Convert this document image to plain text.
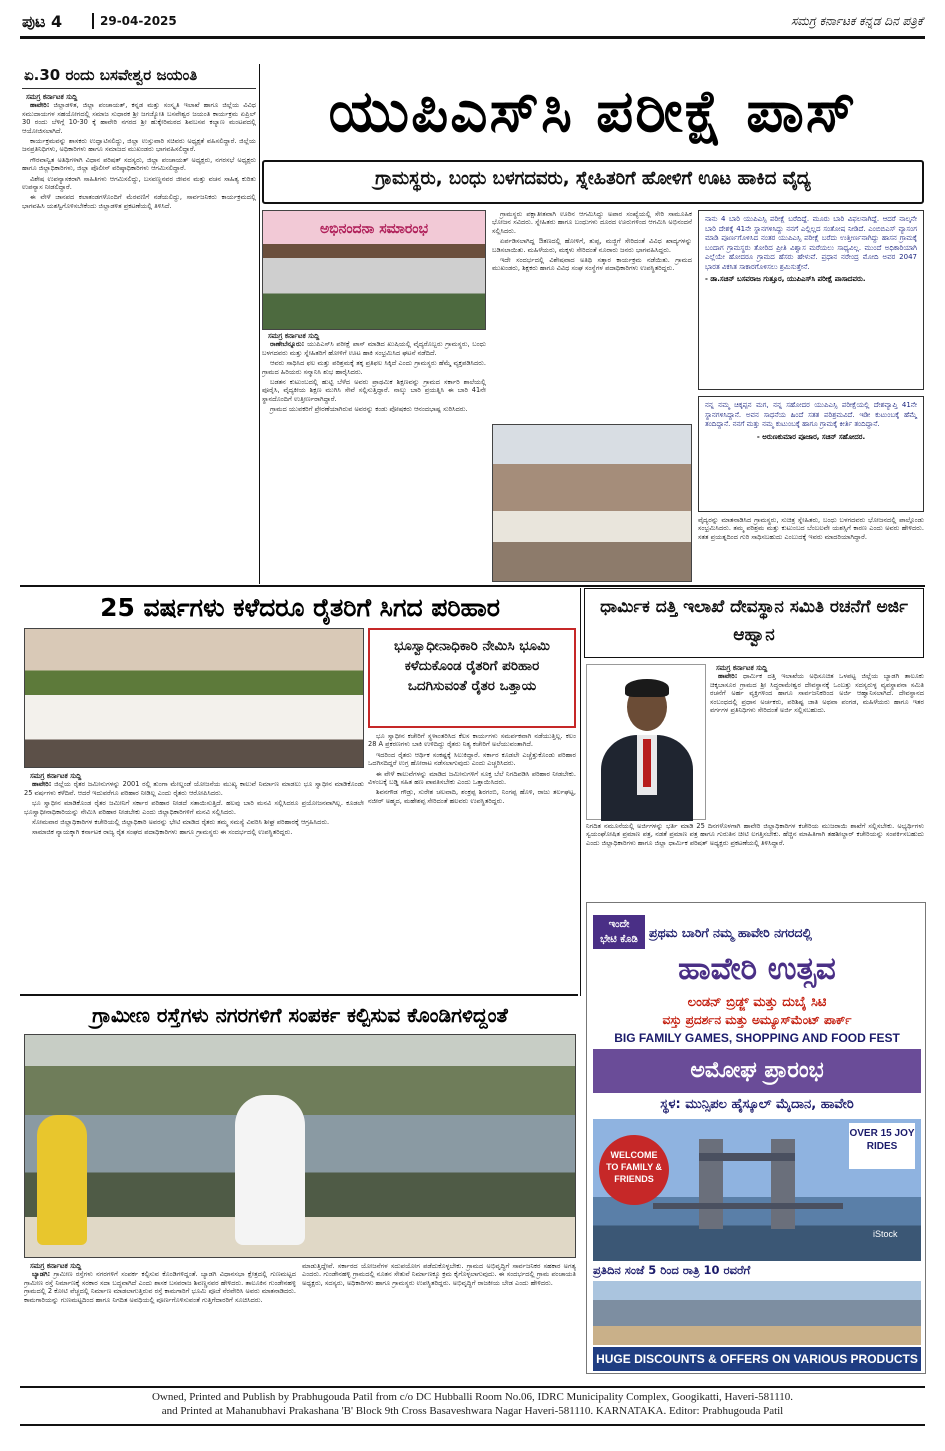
ಪುಟ 4	29-04-2025	ಸಮಗ್ರ ಕರ್ನಾಟಕ ಕನ್ನಡ ದಿನ ಪತ್ರಿಕೆ
ಏ.30 ರಂದು ಬಸವೇಶ್ವರ ಜಯಂತಿ
ಸಮಗ್ರ ಕರ್ನಾಟಕ ಸುದ್ದಿ

ಹಾವೇರಿ: ಜಿಲ್ಲಾಡಳಿತ, ಜಿಲ್ಲಾ ಪಂಚಾಯತ್, ಕನ್ನಡ ಮತ್ತು ಸಂಸ್ಕೃತಿ ಇಲಾಖೆ ಹಾಗೂ ಜಿಲ್ಲೆಯ ವಿವಿಧ ಸಮುದಾಯಗಳ ಸಹಯೋಗದಲ್ಲಿ ಸಮಾಜ ಸುಧಾರಕ ಶ್ರೀ ಜಗಜ್ಯೋತಿ ಬಸವೇಶ್ವರ ಜಯಂತಿ ಕಾರ್ಯಕ್ರಮ ಏಪ್ರಿಲ್ 30 ರಂದು ಬೆಳಿಗ್ಗೆ 10-30 ಕ್ಕೆ ಹಾವೇರಿ ನಗರದ ಶ್ರೀ ಹುಕ್ಕೇರಿಮಠದ ಶಿವಬಸವ ಕಲ್ಯಾಣ ಮಂಟಪದಲ್ಲಿ ಆಯೋಜಿಸಲಾಗಿದೆ.

ಕಾರ್ಯಕ್ರಮವನ್ನು ಶಾಸಕರು ಉದ್ಘಾಟಿಸಲಿದ್ದು, ಜಿಲ್ಲಾ ಉಸ್ತುವಾರಿ ಸಚಿವರು ಅಧ್ಯಕ್ಷತೆ ವಹಿಸಲಿದ್ದಾರೆ. ಜಿಲ್ಲೆಯ ಜನಪ್ರತಿನಿಧಿಗಳು, ಅಧಿಕಾರಿಗಳು ಹಾಗೂ ಸಮಾಜದ ಮುಖಂಡರು ಭಾಗವಹಿಸಲಿದ್ದಾರೆ.

ಗೌರವಾನ್ವಿತ ಅತಿಥಿಗಳಾಗಿ ವಿಧಾನ ಪರಿಷತ್ ಸದಸ್ಯರು, ಜಿಲ್ಲಾ ಪಂಚಾಯತ್ ಅಧ್ಯಕ್ಷರು, ನಗರಸಭೆ ಅಧ್ಯಕ್ಷರು ಹಾಗೂ ಜಿಲ್ಲಾಧಿಕಾರಿಗಳು, ಜಿಲ್ಲಾ ಪೊಲೀಸ್ ವರಿಷ್ಠಾಧಿಕಾರಿಗಳು ಆಗಮಿಸಲಿದ್ದಾರೆ.

ವಿಶೇಷ ಉಪನ್ಯಾಸಕರಾಗಿ ಸಾಹಿತಿಗಳು ಆಗಮಿಸಲಿದ್ದು, ಬಸವಣ್ಣನವರ ಜೀವನ ಮತ್ತು ವಚನ ಸಾಹಿತ್ಯ ಕುರಿತು ಉಪನ್ಯಾಸ ನೀಡಲಿದ್ದಾರೆ.

ಈ ವೇಳೆ ಜಾನಪದ ಕಲಾತಂಡಗಳೊಂದಿಗೆ ಮೆರವಣಿಗೆ ನಡೆಯಲಿದ್ದು, ಸಾರ್ವಜನಿಕರು ಕಾರ್ಯಕ್ರಮದಲ್ಲಿ ಭಾಗವಹಿಸಿ ಯಶಸ್ವಿಗೊಳಿಸಬೇಕೆಂದು ಜಿಲ್ಲಾಡಳಿತ ಪ್ರಕಟಣೆಯಲ್ಲಿ ತಿಳಿಸಿದೆ.

ಯುಪಿಎಸ್‌ಸಿ ಪರೀಕ್ಷೆ ಪಾಸ್
ಗ್ರಾಮಸ್ಥರು, ಬಂಧು ಬಳಗದವರು, ಸ್ನೇಹಿತರಿಗೆ ಹೋಳಿಗೆ ಊಟ ಹಾಕಿದ ವೈದ್ಯ
ಅಭಿನಂದನಾ ಸಮಾರಂಭ
ಸಮಗ್ರ ಕರ್ನಾಟಕ ಸುದ್ದಿ

ರಾಣೇಬೆನ್ನೂರು: ಯುಪಿಎಸ್‌ಸಿ ಪರೀಕ್ಷೆ ಪಾಸ್ ಮಾಡಿದ ಖುಷಿಯಲ್ಲಿ ವೈದ್ಯರೊಬ್ಬರು ಗ್ರಾಮಸ್ಥರು, ಬಂಧು ಬಳಗದವರು ಮತ್ತು ಸ್ನೇಹಿತರಿಗೆ ಹೋಳಿಗೆ ಊಟ ಹಾಕಿ ಸಂಭ್ರಮಿಸಿದ ಘಟನೆ ನಡೆದಿದೆ.

ಆವರು ಸಾಧಿಸಿದ ಫಲ ಮತ್ತು ಪರಿಶ್ರಮಕ್ಕೆ ತಕ್ಕ ಪ್ರತಿಫಲ ಸಿಕ್ಕಿದೆ ಎಂದು ಗ್ರಾಮಸ್ಥರು ಹೆಮ್ಮೆ ವ್ಯಕ್ತಪಡಿಸಿದರು. ಗ್ರಾಮದ ಹಿರಿಯರು ಸನ್ಮಾನಿಸಿ ಶುಭ ಹಾರೈಸಿದರು.

ಬಡತನ ಕುಟುಂಬದಲ್ಲಿ ಹುಟ್ಟಿ ಬೆಳೆದ ಅವರು ಪ್ರಾಥಮಿಕ ಶಿಕ್ಷಣವನ್ನು ಗ್ರಾಮದ ಸರ್ಕಾರಿ ಶಾಲೆಯಲ್ಲಿ ಪೂರೈಸಿ, ವೈದ್ಯಕೀಯ ಶಿಕ್ಷಣ ಮುಗಿಸಿ ಸೇವೆ ಸಲ್ಲಿಸುತ್ತಿದ್ದಾರೆ. ನಾಲ್ಕು ಬಾರಿ ಪ್ರಯತ್ನಿಸಿ ಈ ಬಾರಿ 41ನೇ ಸ್ಥಾನದೊಂದಿಗೆ ಉತ್ತೀರ್ಣರಾಗಿದ್ದಾರೆ.

ಗ್ರಾಮದ ಯುವಕರಿಗೆ ಪ್ರೇರಣೆಯಾಗಿರುವ ಅವರನ್ನು ಕಂಡು ಪೋಷಕರು ಆನಂದಭಾಷ್ಪ ಸುರಿಸಿದರು.

ಗ್ರಾಮಸ್ಥರು ಪಕ್ಷಾತೀತವಾಗಿ ಊರಿನ ಆಗಮಿಸಿದ್ದು ಅಪಾರ ಸಂಖ್ಯೆಯಲ್ಲಿ ಸೇರಿ ಸಾಮೂಹಿಕ ಭೋಜನ ಸವಿದರು. ಸ್ನೇಹಿತರು ಹಾಗೂ ಬಂಧುಗಳು ದೂರದ ಊರುಗಳಿಂದ ಆಗಮಿಸಿ ಅಭಿನಂದನೆ ಸಲ್ಲಿಸಿದರು.

ಏರ್ಪಡಿಸಲಾಗಿದ್ದ ಔತಣದಲ್ಲಿ ಹೋಳಿಗೆ, ತುಪ್ಪ, ಮಜ್ಜಿಗೆ ಸೇರಿದಂತೆ ವಿವಿಧ ಖಾದ್ಯಗಳನ್ನು ಬಡಿಸಲಾಯಿತು. ಮಹಿಳೆಯರು, ಮಕ್ಕಳು ಸೇರಿದಂತೆ ನೂರಾರು ಜನರು ಭಾಗವಹಿಸಿದ್ದರು.

ಇದೇ ಸಂದರ್ಭದಲ್ಲಿ ವಿಶೇಷವಾದ ಅತಿಥಿ ಸತ್ಕಾರ ಕಾರ್ಯಕ್ರಮ ನಡೆಯಿತು. ಗ್ರಾಮದ ಮುಖಂಡರು, ಶಿಕ್ಷಕರು ಹಾಗೂ ವಿವಿಧ ಸಂಘ ಸಂಸ್ಥೆಗಳ ಪದಾಧಿಕಾರಿಗಳು ಉಪಸ್ಥಿತರಿದ್ದರು.

ನಾನು 4 ಬಾರಿ ಯುಪಿಎಸ್ಸಿ ಪರೀಕ್ಷೆ ಬರೆದಿದ್ದೆ. ಮೂರು ಬಾರಿ ವಿಫಲನಾಗಿದ್ದೆ. ಆದರೆ ನಾಲ್ಕನೇ ಬಾರಿ ದೇಶಕ್ಕೆ 41ನೇ ಸ್ಥಾನಗಳಿಸಿದ್ದು ನನಗೆ ಎಲ್ಲಿಲ್ಲದ ಸಂತೋಷ ನೀಡಿದೆ. ಎಂಬಿಬಿಎಸ್ ವ್ಯಾಸಂಗ ಮಾಡಿ ಪೂರ್ಣಗೊಳಿಸಿದ ನಂತರ ಯುಪಿಎಸ್ಸಿ ಪರೀಕ್ಷೆ ಬರೆದು ಉತ್ತೀರ್ಣನಾಗಿದ್ದು ಹಾಸನ ಗ್ರಾಮಕ್ಕೆ ಬಂದಾಗ ಗ್ರಾಮಸ್ಥರು ತೋರಿದ ಪ್ರೀತಿ ವಿಶ್ವಾಸ ಮರೆಯಲು ಸಾಧ್ಯವಿಲ್ಲ. ಮುಂದೆ ಅಧಿಕಾರಿಯಾಗಿ ಎಲ್ಲೆಯೇ ಹೋದರೂ ಗ್ರಾಮದ ಹೆಸರು ಹೇಳುವೆ. ಪ್ರಧಾನ ನರೇಂದ್ರ ಮೋದಿ ಅವರ 2047 ಭಾರತ ವಿಕಸಿತ ಸಾಕಾರಗೊಳಿಸಲು ಶ್ರಮಿಸುತ್ತೇನೆ.
- ಡಾ.ಸಚಿನ್ ಬಸವರಾಜ ಗುತ್ತೂರ, ಯುಪಿಎಸ್‌ಸಿ ಪರೀಕ್ಷೆ ಪಾಸಾದವರು.
ನನ್ನ ನಮ್ಮ ಚಿಕ್ಕಪ್ಪನ ಮಗ, ನನ್ನ ಸಹೋದರ ಯುಪಿಎಸ್ಸಿ ಪರೀಕ್ಷೆಯಲ್ಲಿ ದೇಶವ್ಯಾಪ್ತಿ 41ನೇ ಸ್ಥಾನಗಳಿಸಿದ್ದಾನೆ. ಅವನ ಸಾಧನೆಯ ಹಿಂದೆ ಸತತ ಪರಿಶ್ರಮವಿದೆ. ಇಡೀ ಕುಟುಂಬಕ್ಕೆ ಹೆಮ್ಮೆ ತಂದಿದ್ದಾನೆ. ನನಗೆ ಮತ್ತು ನಮ್ಮ ಕುಟುಂಬಕ್ಕೆ ಹಾಗೂ ಗ್ರಾಮಕ್ಕೆ ಕೀರ್ತಿ ತಂದಿದ್ದಾನೆ.
- ಅರುಣಕುಮಾರ ಪೂಜಾರ, ಸಚಿನ್ ಸಹೋದರ.
ವೈದ್ಯರನ್ನು ಮಾತನಾಡಿಸಿದ ಗ್ರಾಮಸ್ಥರು, ಸುಚಿತ್ರ ಸ್ನೇಹಿತರು, ಬಂಧು ಬಳಗದವರು ಭೋಜನದಲ್ಲಿ ಪಾಲ್ಗೊಂಡು ಸಂಭ್ರಮಿಸಿದರು. ತಮ್ಮ ಪರಿಶ್ರಮ ಮತ್ತು ಕುಟುಂಬದ ಬೆಂಬಲವೇ ಯಶಸ್ಸಿಗೆ ಕಾರಣ ಎಂದು ಅವರು ಹೇಳಿದರು. ಸತತ ಪ್ರಯತ್ನದಿಂದ ಗುರಿ ಸಾಧಿಸಬಹುದು ಎಂಬುದಕ್ಕೆ ಇವರು ಮಾದರಿಯಾಗಿದ್ದಾರೆ.
25 ವರ್ಷಗಳು ಕಳೆದರೂ ರೈತರಿಗೆ ಸಿಗದ ಪರಿಹಾರ
ಭೂಸ್ವಾಧೀನಾಧಿಕಾರಿ ನೇಮಿಸಿ ಭೂಮಿ ಕಳೆದುಕೊಂಡ ರೈತರಿಗೆ ಪರಿಹಾರ ಒದಗಿಸುವಂತೆ ರೈತರ ಒತ್ತಾಯ
ಸಮಗ್ರ ಕರ್ನಾಟಕ ಸುದ್ದಿ

ಹಾವೇರಿ: ಜಿಲ್ಲೆಯ ರೈತರ ಜಮೀನುಗಳನ್ನು 2001 ರಲ್ಲಿ ತುಂಗಾ ಮೇಲ್ದಂಡೆ ಯೋಜನೆಯ ಮುಖ್ಯ ಕಾಲುವೆ ನಿರ್ಮಾಣ ಮಾಡಲು ಭೂ ಸ್ವಾಧೀನ ಮಾಡಿಕೊಂಡು 25 ವರ್ಷಗಳು ಕಳೆದಿವೆ. ಆದರೆ ಇದುವರೆಗೂ ಪರಿಹಾರ ನೀಡಿಲ್ಲ ಎಂದು ರೈತರು ಆರೋಪಿಸಿದರು.

ಭೂ ಸ್ವಾಧೀನ ಮಾಡಿಕೊಂಡ ರೈತರ ಜಮೀನಿಗೆ ಸರ್ಕಾರ ಪರಿಹಾರ ನೀಡದೆ ಸತಾಯಿಸುತ್ತಿದೆ. ಹಲವು ಬಾರಿ ಮನವಿ ಸಲ್ಲಿಸಿದರೂ ಪ್ರಯೋಜನವಾಗಿಲ್ಲ. ಕೂಡಲೇ ಭೂಸ್ವಾಧೀನಾಧಿಕಾರಿಯನ್ನು ನೇಮಿಸಿ ಪರಿಹಾರ ನೀಡಬೇಕು ಎಂದು ಜಿಲ್ಲಾಧಿಕಾರಿಗಳಿಗೆ ಮನವಿ ಸಲ್ಲಿಸಿದರು.

ಸೋಮವಾರ ಜಿಲ್ಲಾಧಿಕಾರಿಗಳ ಕಚೇರಿಯಲ್ಲಿ ಜಿಲ್ಲಾಧಿಕಾರಿ ಅವರನ್ನು ಭೇಟಿ ಮಾಡಿದ ರೈತರು ತಮ್ಮ ಸಮಸ್ಯೆ ವಿವರಿಸಿ ಶೀಘ್ರ ಪರಿಹಾರಕ್ಕೆ ಆಗ್ರಹಿಸಿದರು.

ಸಾಮಾಜಿಕ ನ್ಯಾಯಕ್ಕಾಗಿ ಕರ್ನಾಟಕ ರಾಜ್ಯ ರೈತ ಸಂಘದ ಪದಾಧಿಕಾರಿಗಳು ಹಾಗೂ ಗ್ರಾಮಸ್ಥರು ಈ ಸಂದರ್ಭದಲ್ಲಿ ಉಪಸ್ಥಿತರಿದ್ದರು.

ಭೂ ಸ್ವಾಧೀನ ಕಚೇರಿಗೆ ಸ್ಥಳಾಂತರಿಸಿದ ಕೆಲಸ ಕಾರ್ಯಗಳು ಸಮರ್ಪಕವಾಗಿ ನಡೆಯುತ್ತಿಲ್ಲ. ಕಲಂ 28 A ಪ್ರಕರಣಗಳು ಬಾಕಿ ಉಳಿದಿದ್ದು ರೈತರು ನಿತ್ಯ ಕಚೇರಿಗೆ ಅಲೆಯುವಂತಾಗಿದೆ.

ಇದರಿಂದ ರೈತರು ಆರ್ಥಿಕ ಸಂಕಷ್ಟಕ್ಕೆ ಸಿಲುಕಿದ್ದಾರೆ. ಸರ್ಕಾರ ಕೂಡಲೇ ಎಚ್ಚೆತ್ತುಕೊಂಡು ಪರಿಹಾರ ಒದಗಿಸದಿದ್ದರೆ ಉಗ್ರ ಹೋರಾಟ ನಡೆಸಲಾಗುವುದು ಎಂದು ಎಚ್ಚರಿಸಿದರು.

ಈ ವೇಳೆ ಕಾಲುವೆಗಳನ್ನು ಮಾಡಿದ ಜಮೀನುಗಳಿಗೆ ಸೂಕ್ತ ಬೆಲೆ ನಿಗದಿಪಡಿಸಿ ಪರಿಹಾರ ನೀಡಬೇಕು. ವಿಳಂಬಕ್ಕೆ ಬಡ್ಡಿ ಸಹಿತ ಹಣ ಪಾವತಿಸಬೇಕು ಎಂದು ಒತ್ತಾಯಿಸಿದರು.

ಶಿವನಗೌಡ ಗೌಡ್ರು, ಸುರೇಶ ಚಲವಾದಿ, ಶಂಕ್ರಪ್ಪ ಶಿರಗಂಬಿ, ನಿಂಗಪ್ಪ ಹೊಳಿ, ರಾಜು ತರ್ಲಘಟ್ಟ, ನಜೀರ್ ಅಹ್ಮದ, ಮಹೇಶಪ್ಪ ಸೇರಿದಂತೆ ಹಲವರು ಉಪಸ್ಥಿತರಿದ್ದರು.

ಧಾರ್ಮಿಕ ದತ್ತಿ ಇಲಾಖೆ ದೇವಸ್ಥಾನ ಸಮಿತಿ ರಚನೆಗೆ ಅರ್ಜಿ ಆಹ್ವಾನ
ಸಮಗ್ರ ಕರ್ನಾಟಕ ಸುದ್ದಿ

ಹಾವೇರಿ: ಧಾರ್ಮಿಕ ದತ್ತಿ ಇಲಾಖೆಯ ಅಧಿಸೂಚಿತ ಒಳಪಟ್ಟ ಜಿಲ್ಲೆಯ ಬ್ಯಾಡಗಿ ತಾಲೂಕು ಚಿಕ್ಕಬಾಸೂರ ಗ್ರಾಮದ ಶ್ರೀ ಸಿದ್ಧರಾಮೇಶ್ವರ ದೇವಸ್ಥಾನಕ್ಕೆ ಒಂಬತ್ತು ಸದಸ್ಯರುಳ್ಳ ವ್ಯವಸ್ಥಾಪನಾ ಸಮಿತಿ ರಚನೆಗೆ ಅರ್ಹ ವ್ಯಕ್ತಿಗಳಿಂದ ಹಾಗೂ ಸಾರ್ವಜನಿಕರಿಂದ ಅರ್ಜಿ ಆಹ್ವಾನಿಸಲಾಗಿದೆ. ದೇವಸ್ಥಾನದ ಸಂಬಂಧದಲ್ಲಿ ಪ್ರಧಾನ ಅರ್ಚಕರು, ಪರಿಶಿಷ್ಟ ಜಾತಿ ಅಥವಾ ಪಂಗಡ, ಮಹಿಳೆಯರು ಹಾಗೂ ಇತರ ವರ್ಗಗಳ ಪ್ರತಿನಿಧಿಗಳು ಸೇರಿದಂತೆ ಅರ್ಜಿ ಸಲ್ಲಿಸಬಹುದು.

ನಿಗದಿತ ನಮೂನೆಯಲ್ಲಿ ಅರ್ಜಿಗಳನ್ನು ಭರ್ತಿ ಮಾಡಿ 25 ದಿನಗಳೊಳಗಾಗಿ ಹಾವೇರಿ ಜಿಲ್ಲಾಧಿಕಾರಿಗಳ ಕಚೇರಿಯ ಮುಜರಾಯಿ ಶಾಖೆಗೆ ಸಲ್ಲಿಸಬೇಕು. ಅಭ್ಯರ್ಥಿಗಳು ಸ್ವಯಂಘೋಷಿತ ಪ್ರಮಾಣ ಪತ್ರ, ನಡತೆ ಪ್ರಮಾಣ ಪತ್ರ ಹಾಗೂ ಗುರುತಿನ ಚೀಟಿ ಲಗತ್ತಿಸಬೇಕು. ಹೆಚ್ಚಿನ ಮಾಹಿತಿಗಾಗಿ ತಹಶೀಲ್ದಾರ್ ಕಚೇರಿಯನ್ನು ಸಂಪರ್ಕಿಸಬಹುದು ಎಂದು ಜಿಲ್ಲಾಧಿಕಾರಿಗಳು ಹಾಗೂ ಜಿಲ್ಲಾ ಧಾರ್ಮಿಕ ಪರಿಷತ್ ಅಧ್ಯಕ್ಷರು ಪ್ರಕಟಣೆಯಲ್ಲಿ ತಿಳಿಸಿದ್ದಾರೆ.
ಗ್ರಾಮೀಣ ರಸ್ತೆಗಳು ನಗರಗಳಿಗೆ ಸಂಪರ್ಕ ಕಲ್ಪಿಸುವ ಕೊಂಡಿಗಳಿದ್ದಂತೆ
ಸಮಗ್ರ ಕರ್ನಾಟಕ ಸುದ್ದಿ

ಬ್ಯಾಡಗಿ: ಗ್ರಾಮೀಣ ರಸ್ತೆಗಳು ನಗರಗಳಿಗೆ ಸಂಪರ್ಕ ಕಲ್ಪಿಸುವ ಕೊಂಡಿಗಳಿದ್ದಂತೆ. ಬ್ಯಾಡಗಿ ವಿಧಾನಸಭಾ ಕ್ಷೇತ್ರದಲ್ಲಿ ಗುಣಮಟ್ಟದ ಗ್ರಾಮೀಣ ರಸ್ತೆ ನಿರ್ಮಾಣಕ್ಕೆ ಸರಕಾರ ಸದಾ ಬದ್ಧವಾಗಿದೆ ಎಂದು ಶಾಸಕ ಬಸವರಾಜ ಶಿವಣ್ಣನವರ ಹೇಳಿದರು. ತಾಲೂಕಿನ ಗುಂಡೇನಹಳ್ಳಿ ಗ್ರಾಮದಲ್ಲಿ 2 ಕೋಟಿ ವೆಚ್ಚದಲ್ಲಿ ನಿರ್ಮಾಣ ಮಾಡಲಾಗುತ್ತಿರುವ ರಸ್ತೆ ಕಾಮಗಾರಿಗೆ ಭೂಮಿ ಪೂಜೆ ನೆರವೇರಿಸಿ ಅವರು ಮಾತನಾಡಿದರು. ಕಾಮಗಾರಿಯನ್ನು ಗುಣಮಟ್ಟದಿಂದ ಹಾಗೂ ನಿಗದಿತ ಅವಧಿಯಲ್ಲಿ ಪೂರ್ಣಗೊಳಿಸುವಂತೆ ಗುತ್ತಿಗೆದಾರರಿಗೆ ಸೂಚಿಸಿದರು.

ಮಾಡುತ್ತಿದ್ದೇವೆ. ಸರ್ಕಾರದ ಯೋಜನೆಗಳ ಸದುಪಯೋಗ ಪಡೆದುಕೊಳ್ಳಬೇಕು. ಗ್ರಾಮದ ಅಭಿವೃದ್ಧಿಗೆ ಸಾರ್ವಜನಿಕರ ಸಹಕಾರ ಅಗತ್ಯ ಎಂದರು. ಗುಂಡೇನಹಳ್ಳಿ ಗ್ರಾಮದಲ್ಲಿ ನೂತನ ಸೇತುವೆ ನಿರ್ಮಾಣಕ್ಕೂ ಕ್ರಮ ಕೈಗೊಳ್ಳಲಾಗುವುದು. ಈ ಸಂದರ್ಭದಲ್ಲಿ ಗ್ರಾಮ ಪಂಚಾಯತಿ ಅಧ್ಯಕ್ಷರು, ಸದಸ್ಯರು, ಅಧಿಕಾರಿಗಳು ಹಾಗೂ ಗ್ರಾಮಸ್ಥರು ಉಪಸ್ಥಿತರಿದ್ದರು. ಅಭಿವೃದ್ಧಿಗೆ ರಾಜಕೀಯ ಬೇಡ ಎಂದು ಹೇಳಿದರು.
ಇಂದೇ
ಭೇಟಿ ಕೊಡಿ ಪ್ರಥಮ ಬಾರಿಗೆ ನಮ್ಮ ಹಾವೇರಿ ನಗರದಲ್ಲಿ
ಹಾವೇರಿ ಉತ್ಸವ
ಲಂಡನ್ ಬ್ರಿಡ್ಜ್ ಮತ್ತು ದುಬೈ ಸಿಟಿ
ವಸ್ತು ಪ್ರದರ್ಶನ ಮತ್ತು ಅಮ್ಯೂಸ್‌ಮೆಂಟ್ ಪಾರ್ಕ್
BIG FAMILY GAMES, SHOPPING AND FOOD FEST
ಅಮೋಘ ಪ್ರಾರಂಭ
ಸ್ಥಳ: ಮುನ್ಸಿಪಲ ಹೈಸ್ಕೂಲ್ ಮೈದಾನ, ಹಾವೇರಿ
WELCOME TO FAMILY & FRIENDS
OVER 15 JOY RIDES
iStock
ಪ್ರತಿದಿನ ಸಂಜೆ 5 ರಿಂದ ರಾತ್ರಿ 10 ರವರೆಗೆ
HUGE DISCOUNTS & OFFERS ON VARIOUS PRODUCTS
Owned, Printed and Publish by Prabhugouda Patil from c/o DC Hubballi Room No.06, IDRC Municipality Complex, Googikatti, Haveri-581110.
and Printed at Mahanubhavi Prakashana 'B' Block 9th Cross Basaveshwara Nagar Haveri-581110. KARNATAKA. Editor: Prabhugouda Patil
